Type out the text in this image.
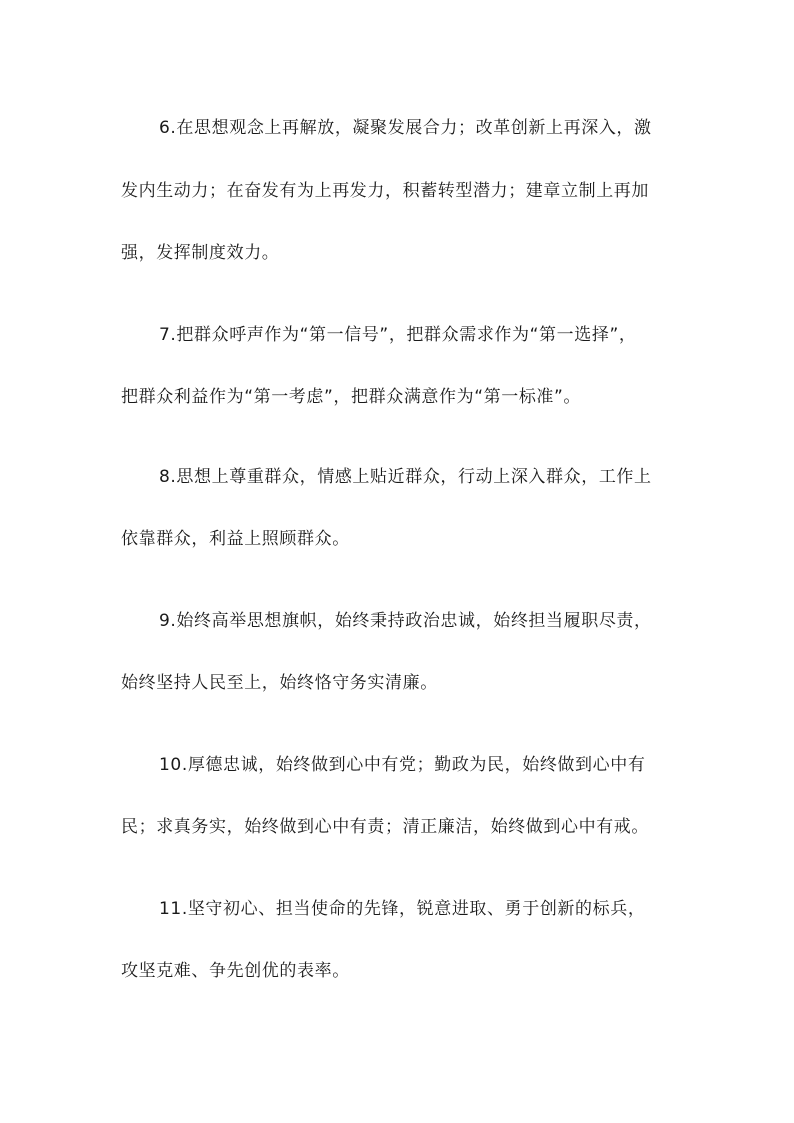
6.在思想观念上再解放，凝聚发展合力；改革创新上再深入，激
发内生动力；在奋发有为上再发力，积蓄转型潜力；建章立制上再加
强，发挥制度效力。
7.把群众呼声作为“第一信号”，把群众需求作为“第一选择”，
把群众利益作为“第一考虑”，把群众满意作为“第一标准”。
8.思想上尊重群众，情感上贴近群众，行动上深入群众，工作上
依靠群众，利益上照顾群众。
9.始终高举思想旗帜，始终秉持政治忠诚，始终担当履职尽责，
始终坚持人民至上，始终恪守务实清廉。
10.厚德忠诚，始终做到心中有党；勤政为民，始终做到心中有
民；求真务实，始终做到心中有责；清正廉洁，始终做到心中有戒。
11.坚守初心、担当使命的先锋，锐意进取、勇于创新的标兵，
攻坚克难、争先创优的表率。
